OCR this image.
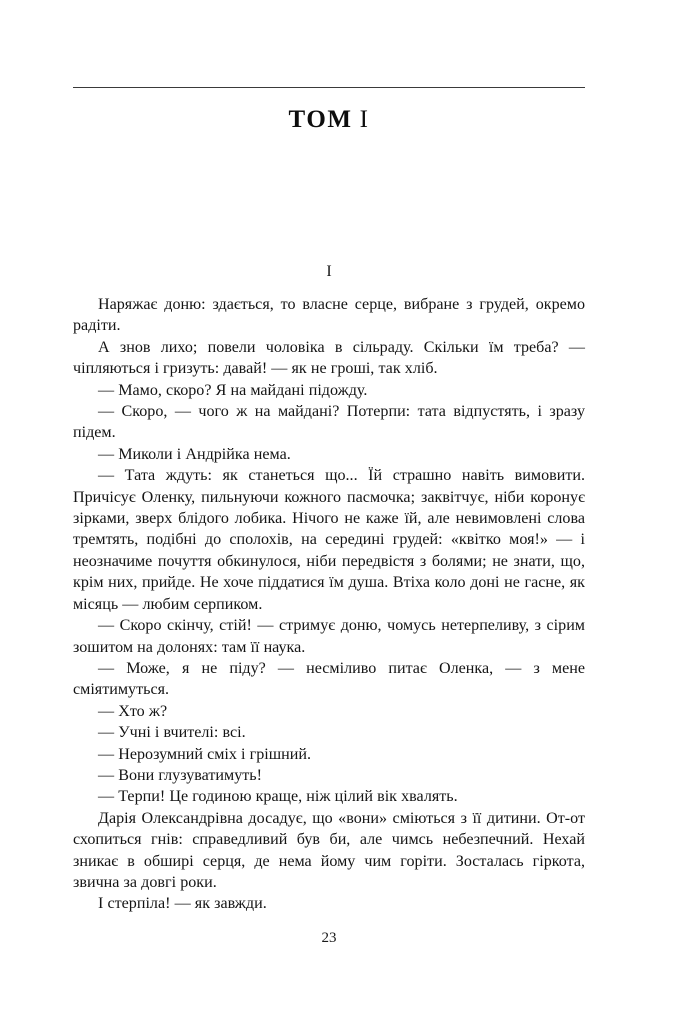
ТОМ I
I

Наряжає доню: здається, то власне серце, вибране з грудей, окремо радіти.

А знов лихо; повели чоловіка в сільраду. Скільки їм треба? — чіпляються і гризуть: давай! — як не гроші, так хліб.

— Мамо, скоро? Я на майдані підожду.

— Скоро, — чого ж на майдані? Потерпи: тата відпустять, і зразу підем.

— Миколи і Андрійка нема.

— Тата ждуть: як станеться що... Їй страшно навіть вимовити. Причісує Оленку, пильнуючи кожного пасмочка; заквітчує, ніби коронує зірками, зверх блідого лобика. Нічого не каже їй, але невимовлені слова тремтять, подібні до сполохів, на середині грудей: «квітко моя!» — і неозначиме почуття обкинулося, ніби передвістя з болями; не знати, що, крім них, прийде. Не хоче піддатися їм душа. Втіха коло доні не гасне, як місяць — любим серпиком.

— Скоро скінчу, стій! — стримує доню, чомусь нетерпеливу, з сірим зошитом на долонях: там її наука.

— Може, я не піду? — несміливо питає Оленка, — з мене сміятимуться.

— Хто ж?

— Учні і вчителі: всі.

— Нерозумний сміх і грішний.

— Вони глузуватимуть!

— Терпи! Це годиною краще, ніж цілий вік хвалять.

Дарія Олександрівна досадує, що «вони» сміються з її дитини. От-от схопиться гнів: справедливий був би, але чимсь небезпечний. Нехай зникає в обширі серця, де нема йому чим горіти. Зосталась гіркота, звична за довгі роки.

І стерпіла! — як завжди.

23
